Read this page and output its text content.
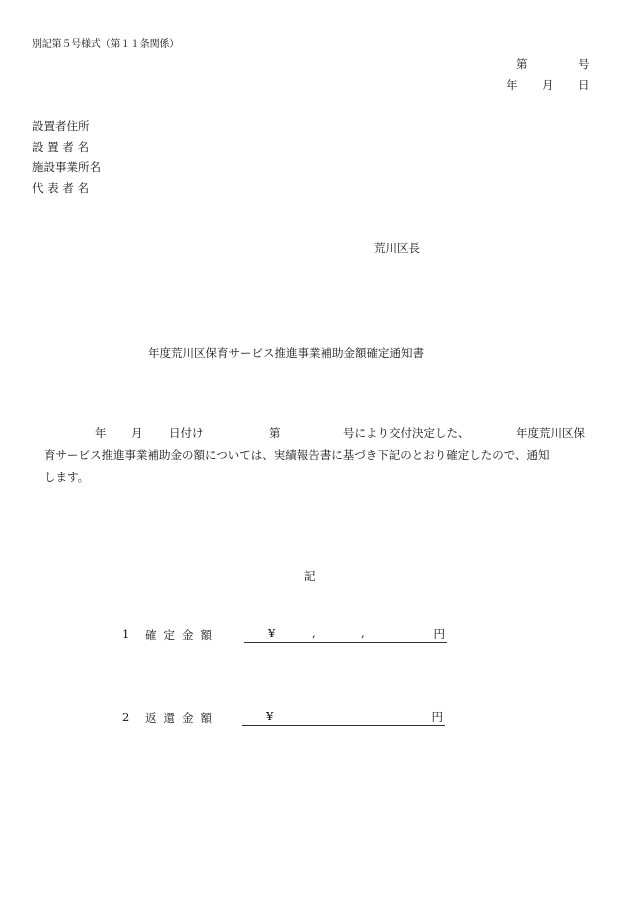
別記第５号様式（第１１条関係）
第	号
年 月 日
設置者住所
設 置 者 名
施設事業所名
代 表 者 名
荒川区長
年度荒川区保育サービス推進事業補助金額確定通知書
年 月 日付け	第	号により交付決定した、	年度荒川区保
育サービス推進事業補助金の額については、実績報告書に基づき下記のとおり確定したので、通知
します。
記
1 確定金額	¥	,	,	円
2 返還金額	¥	円
